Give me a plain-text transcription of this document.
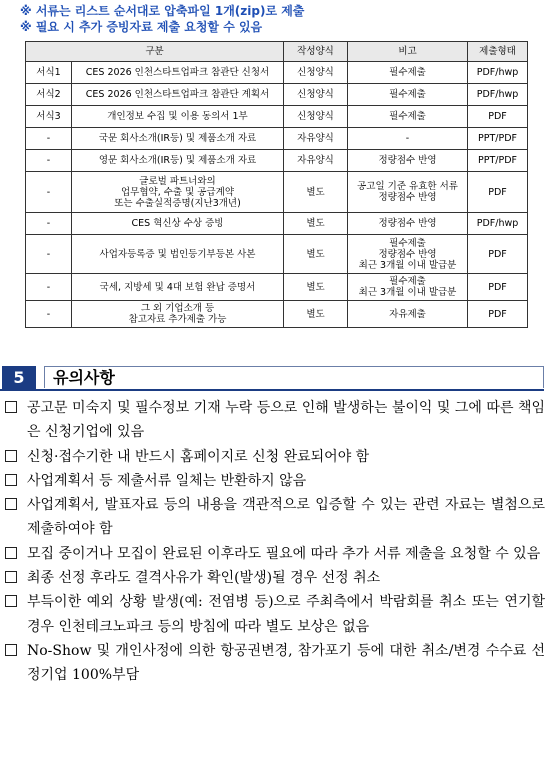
※ 서류는 리스트 순서대로 압축파일 1개(zip)로 제출
※ 필요 시 추가 증빙자료 제출 요청할 수 있음
구분		작성양식	비고	제출형태
서식1	CES 2026 인천스타트업파크 참관단 신청서	신청양식	필수제출	PDF/hwp
서식2	CES 2026 인천스타트업파크 참관단 계획서	신청양식	필수제출	PDF/hwp
서식3	개인정보 수집 및 이용 동의서 1부	신청양식	필수제출	PDF
-	국문 회사소개(IR등) 및 제품소개 자료	자유양식	-	PPT/PDF
-	영문 회사소개(IR등) 및 제품소개 자료	자유양식	정량점수 반영	PPT/PDF
-	글로벌 파트너와의
업무협약, 수출 및 공급계약
또는 수출실적증명(지난3개년)	별도	공고일 기준 유효한 서류
정량점수 반영	PDF
-	CES 혁신상 수상 증빙	별도	정량점수 반영	PDF/hwp
-	사업자등록증 및 법인등기부등본 사본	별도	필수제출
정량점수 반영
최근 3개월 이내 발급분	PDF
-	국세, 지방세 및 4대 보험 완납 증명서	별도	필수제출
최근 3개월 이내 발급분	PDF
-	그 외 기업소개 등
참고자료 추가제출 가능	별도	자유제출	PDF
5	유의사항
공고문 미숙지 및 필수정보 기재 누락 등으로 인해 발생하는 불이익 및 그에 따른 책임은 신청기업에 있음
신청·접수기한 내 반드시 홈페이지로 신청 완료되어야 함
사업계획서 등 제출서류 일체는 반환하지 않음
사업계획서, 발표자료 등의 내용을 객관적으로 입증할 수 있는 관련 자료는 별첨으로 제출하여야 함
모집 중이거나 모집이 완료된 이후라도 필요에 따라 추가 서류 제출을 요청할 수 있음
최종 선정 후라도 결격사유가 확인(발생)될 경우 선정 취소
부득이한 예외 상황 발생(예: 전염병 등)으로 주최측에서 박람회를 취소 또는 연기할 경우 인천테크노파크 등의 방침에 따라 별도 보상은 없음
No-Show 및 개인사정에 의한 항공권변경, 참가포기 등에 대한 취소/변경 수수료 선정기업 100%부담
